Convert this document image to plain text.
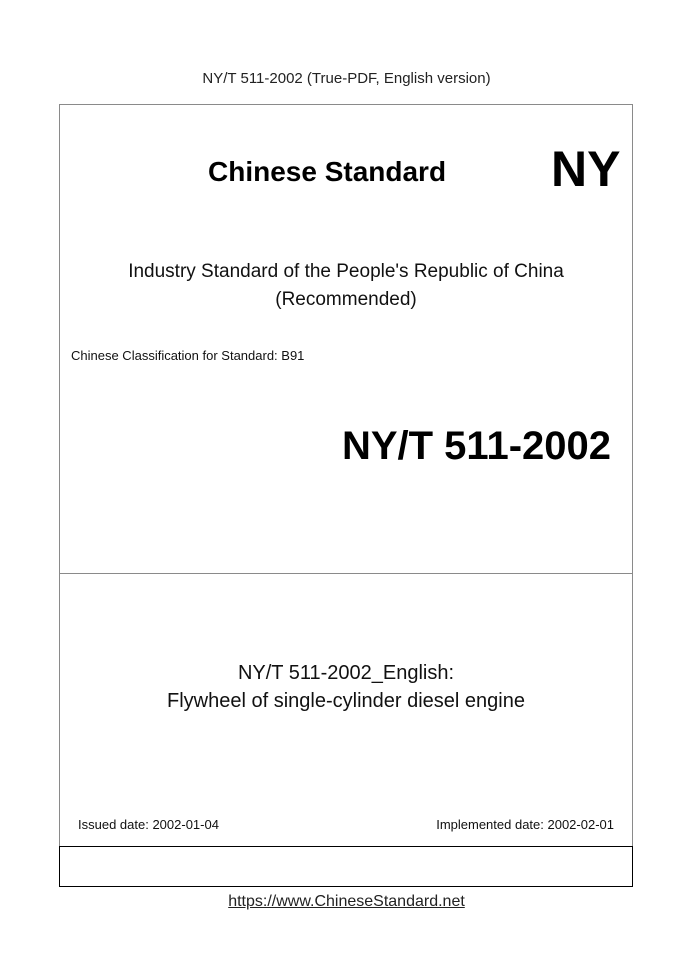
NY/T 511-2002 (True-PDF, English version)
Chinese Standard NY
Industry Standard of the People's Republic of China
(Recommended)
Chinese Classification for Standard: B91
NY/T 511-2002
NY/T 511-2002_English:
Flywheel of single-cylinder diesel engine
Issued date: 2002-01-04	Implemented date: 2002-02-01
https://www.ChineseStandard.net
